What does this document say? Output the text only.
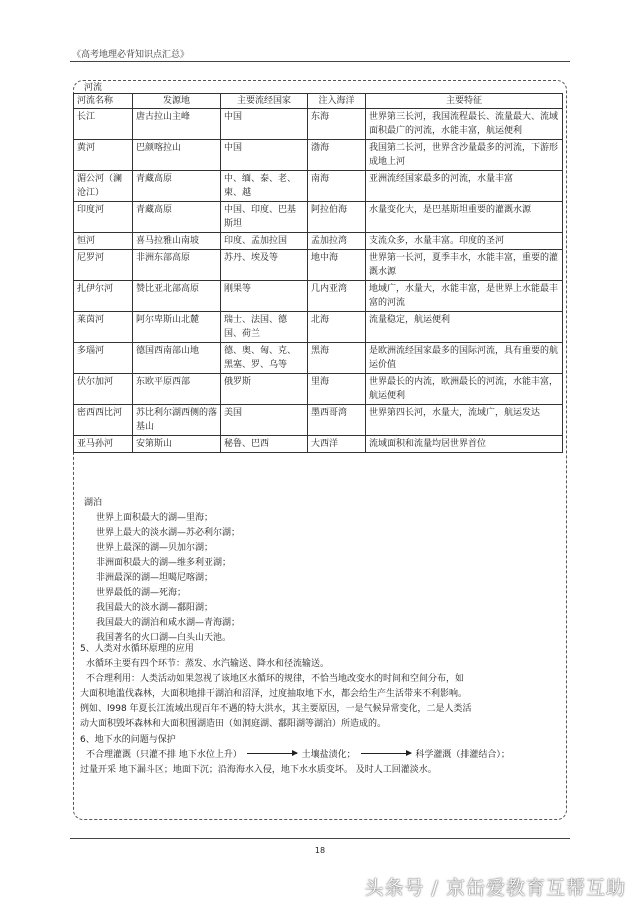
《高考地理必背知识点汇总》
河流
河流名称	发源地	主要流经国家	注入海洋	主要特征
长江	唐古拉山主峰	中国	东海	世界第三长河，我国流程最长、流量最大、流域面积最广的河流，水能丰富，航运便利
黄河	巴颜喀拉山	中国	渤海	我国第二长河，世界含沙量最多的河流，下游形成地上河
湄公河（澜沧江）	青藏高原	中、缅、泰、老、柬、越	南海	亚洲流经国家最多的河流，水量丰富
印度河	青藏高原	中国、印度、巴基斯坦	阿拉伯海	水量变化大，是巴基斯坦重要的灌溉水源
恒河	喜马拉雅山南坡	印度、孟加拉国	孟加拉湾	支流众多，水量丰富。印度的圣河
尼罗河	非洲东部高原	苏丹、埃及等	地中海	世界第一长河，夏季丰水，水能丰富，重要的灌溉水源
扎伊尔河	赞比亚北部高原	刚果等	几内亚湾	地域广，水量大，水能丰富，是世界上水能最丰富的河流
莱茵河	阿尔卑斯山北麓	瑞士、法国、德国、荷兰	北海	流量稳定，航运便利
多瑙河	德国西南部山地	德、奥、匈、克、黑塞、罗、乌等	黑海	是欧洲流经国家最多的国际河流，具有重要的航运价值
伏尔加河	东欧平原西部	俄罗斯	里海	世界最长的内流，欧洲最长的河流，水能丰富，航运便利
密西西比河	苏比利尔湖西侧的落基山	美国	墨西哥湾	世界第四长河，水量大，流域广，航运发达
亚马孙河	安第斯山	秘鲁、巴西	大西洋	流域面积和流量均居世界首位
湖泊
世界上面积最大的湖—里海；
世界上最大的淡水湖—苏必利尔湖；
世界上最深的湖—贝加尔湖；
非洲面积最大的湖—维多利亚湖；
非洲最深的湖—坦噶尼喀湖；
世界最低的湖—死海；
我国最大的淡水湖—鄱阳湖；
我国最大的湖泊和咸水湖—青海湖；
我国著名的火口湖—白头山天池。
5、人类对水循环原理的应用
水循环主要有四个环节：蒸发、水汽输送、降水和径流输送。
不合理利用：人类活动如果忽视了该地区水循环的规律，不恰当地改变水的时间和空间分布，如
大面积地滥伐森林，大面积地排干湖泊和沼泽，过度抽取地下水，都会给生产生活带来不利影响。
例如、l998 年夏长江流域出现百年不遇的特大洪水，其主要原因，一是气候异常变化，二是人类活
动大面积毁坏森林和大面积围湖造田（如洞庭湖、鄱阳湖等湖泊）所造成的。
6、地下水的问题与保护
不合理灌溉（只灌不排 地下水位上升）	土壤盐渍化；	科学灌溉（排灌结合）；
过量开采 地下漏斗区；地面下沉；沿海海水入侵，地下水水质变坏。 及时人工回灌淡水。
18
头条号 / 京缶爱教育互帮互助
